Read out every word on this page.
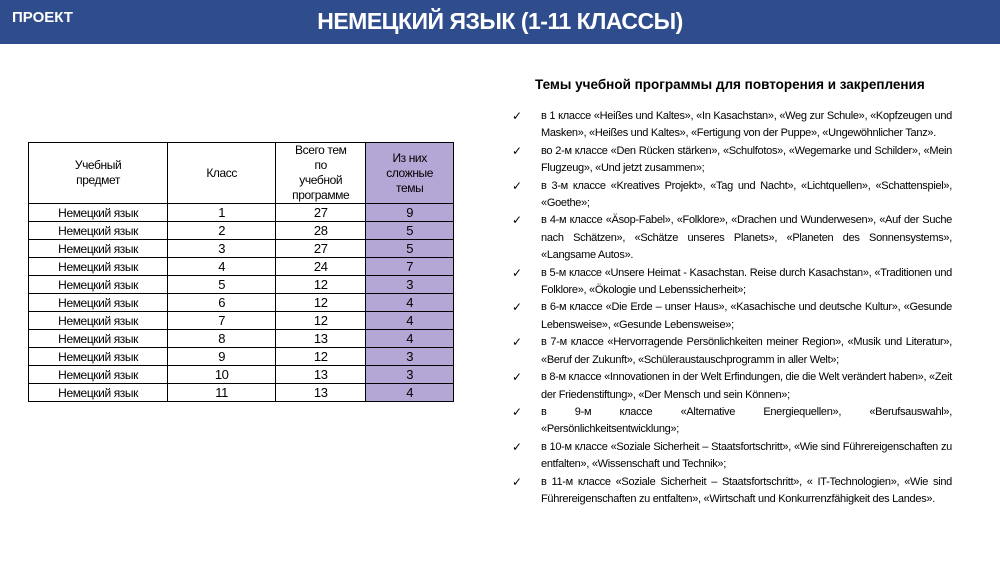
ПРОЕКТ	НЕМЕЦКИЙ ЯЗЫК (1-11 КЛАССЫ)
Учебный предмет	Класс	Всего тем по учебной программе	Из них сложные темы
Немецкий язык	1	27	9
Немецкий язык	2	28	5
Немецкий язык	3	27	5
Немецкий язык	4	24	7
Немецкий язык	5	12	3
Немецкий язык	6	12	4
Немецкий язык	7	12	4
Немецкий язык	8	13	4
Немецкий язык	9	12	3
Немецкий язык	10	13	3
Немецкий язык	11	13	4
Темы учебной программы для повторения и закрепления
✓ в 1 классе «Heißes und Kaltes», «In Kasachstan», «Weg zur Schule», «Kopfzeugen und Masken», «Heißes und Kaltes», «Fertigung von der Puppe», «Ungewöhnlicher Tanz».
✓ во 2-м классе «Den Rücken stärken», «Schulfotos», «Wegemarke und Schilder», «Mein Flugzeug», «Und jetzt zusammen»;
✓ в 3-м классе «Kreatives Projekt», «Tag und Nacht», «Lichtquellen», «Schattenspiel», «Goethe»;
✓ в 4-м классе «Äsop-Fabel», «Folklore», «Drachen und Wunderwesen», «Auf der Suche nach Schätzen», «Schätze unseres Planets», «Planeten des Sonnensystems», «Langsame Autos».
✓ в 5-м классе «Unsere Heimat - Kasachstan. Reise durch Kasachstan», «Traditionen und Folklore», «Ökologie und Lebenssicherheit»;
✓ в 6-м классе «Die Erde – unser Haus», «Kasachische und deutsche Kultur», «Gesunde Lebensweise», «Gesunde Lebensweise»;
✓ в 7-м классе «Hervorragende Persönlichkeiten meiner Region», «Musik und Literatur», «Beruf der Zukunft», «Schüleraustauschprogramm in aller Welt»;
✓ в 8-м классе «Innovationen in der Welt Erfindungen, die die Welt verändert haben», «Zeit der Friedenstiftung», «Der Mensch und sein Können»;
✓ в 9-м классе «Alternative Energiequellen», «Berufsauswahl», «Persönlichkeitsentwicklung»;
✓ в 10-м классе «Soziale Sicherheit – Staatsfortschritt», «Wie sind Führereigenschaften zu entfalten», «Wissenschaft und Technik»;
✓ в 11-м классе «Soziale Sicherheit – Staatsfortschritt», « IT-Technologien», «Wie sind Führereigenschaften zu entfalten», «Wirtschaft und Konkurrenzfähigkeit des Landes».
